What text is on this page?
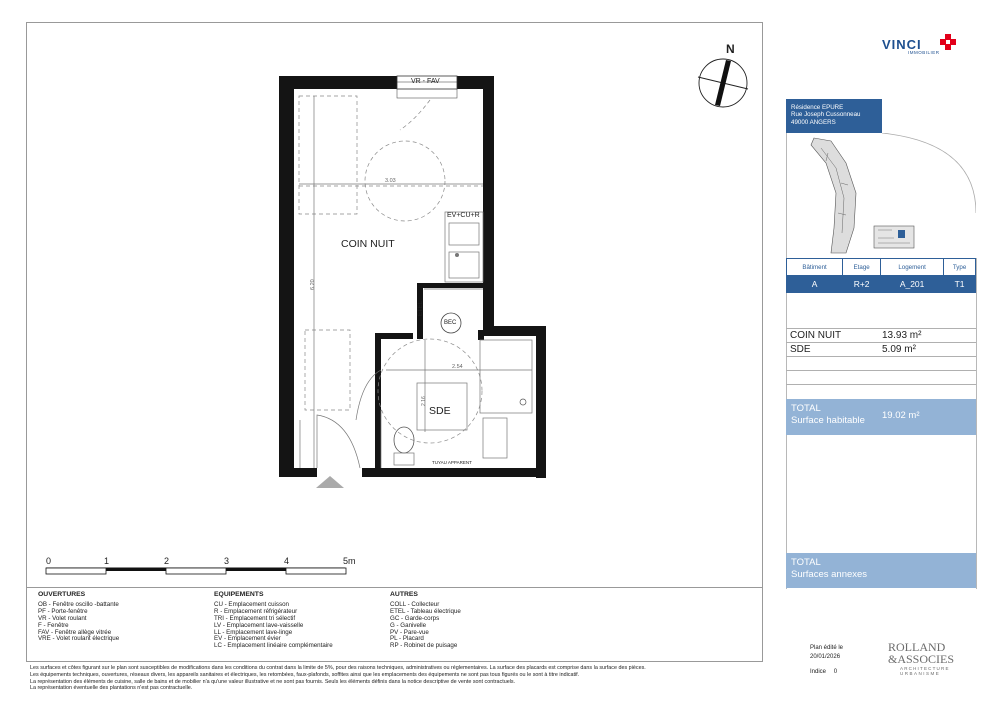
VR - FAV
COIN NUIT
SDE
EV+CU+R
ETEL
BEC
3.03
6.20
2.54
2.16
TUYAU APPARENT
N
0	1	2	3	4	5m
OUVERTURES
OB - Fenêtre oscillo -battante
PF - Porte-fenêtre
VR - Volet roulant
F - Fenêtre
FAV - Fenêtre allège vitrée
VRE - Volet roulant électrique
EQUIPEMENTS
CU - Emplacement cuisson
R - Emplacement réfrigérateur
TRI - Emplacement tri sélectif
LV - Emplacement lave-vaisselle
LL - Emplacement lave-linge
EV - Emplacement évier
LC - Emplacement linéaire complémentaire
AUTRES
COLL - Collecteur
ETEL - Tableau électrique
GC - Garde-corps
G - Ganivelle
PV - Pare-vue
PL - Placard
RP - Robinet de puisage
Les surfaces et côtes figurant sur le plan sont susceptibles de modifications dans les conditions du contrat dans la limite de 5%, pour des raisons techniques, administratives ou réglementaires. La surface des placards est comprise dans la surface des pièces.
Les équipements techniques, ouvertures, réseaux divers, les appareils sanitaires et électriques, les retombées, faux-plafonds, soffites ainsi que les emplacements des équipements ne sont pas tous figurés ou le sont à titre indicatif.
La représentation des éléments de cuisine, salle de bains et de mobilier n'a qu'une valeur illustrative et ne sont pas fournis. Seuls les éléments définis dans la notice descriptive de vente sont contractuels.
La représentation éventuelle des plantations n'est pas contractuelle.
VINCI
IMMOBILIER
Résidence EPURE
Rue Joseph Cussonneau
49000 ANGERS
Bâtiment	Etage	Logement	Type
A	R+2	A_201	T1
COIN NUIT	13.93 m²
SDE	5.09 m²

TOTAL
Surface habitable	19.02 m²
TOTAL
Surfaces annexes
Plan édité le
20/01/2026
Indice 0
ROLLAND
&ASSOCIES
ARCHITECTURE
URBANISME
